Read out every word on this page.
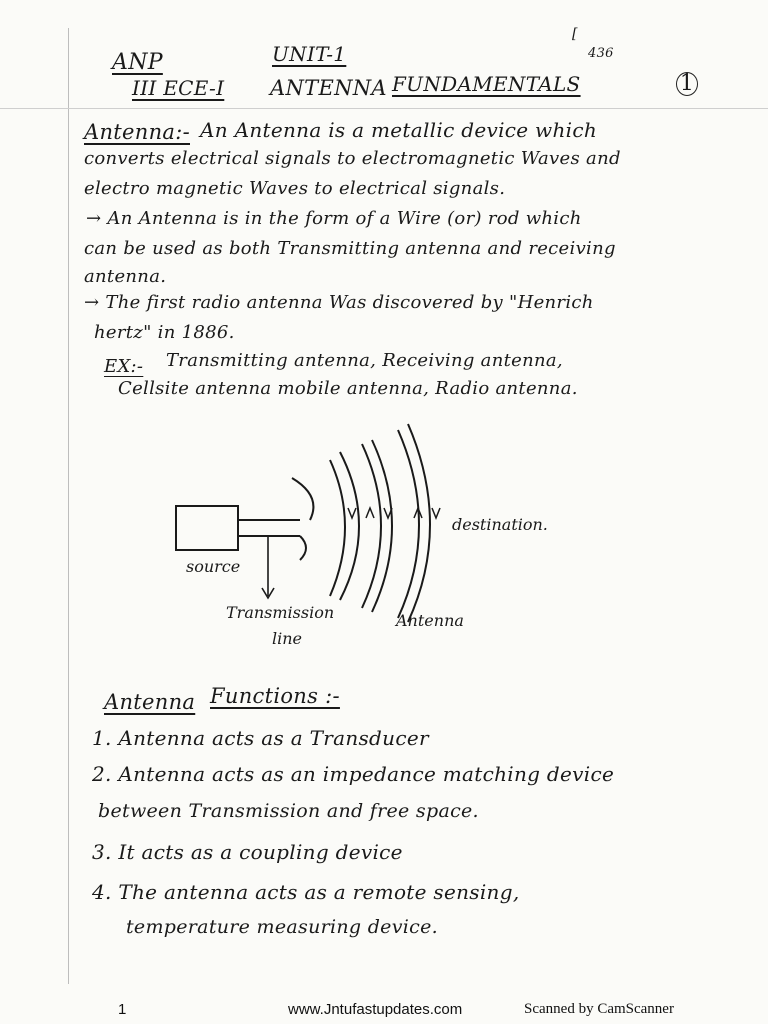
ANP
III ECE-I
UNIT-1
ANTENNA FUNDAMENTALS	1
[
436
Antenna:- An Antenna is a metallic device which
converts electrical signals to electromagnetic Waves and
electro magnetic Waves to electrical signals.
→ An Antenna is in the form of a Wire (or) rod which
can be used as both Transmitting antenna and receiving
antenna.
→ The first radio antenna Was discovered by "Henrich
hertz" in 1886.
EX:- Transmitting antenna, Receiving antenna,
Cellsite antenna mobile antenna, Radio antenna.
source
Transmission
line
Antenna
destination.
Antenna Functions :-
1. Antenna acts as a Transducer
2. Antenna acts as an impedance matching device
between Transmission and free space.
3. It acts as a coupling device
4. The antenna acts as a remote sensing,
temperature measuring device.
1	www.Jntufastupdates.com	Scanned by CamScanner
